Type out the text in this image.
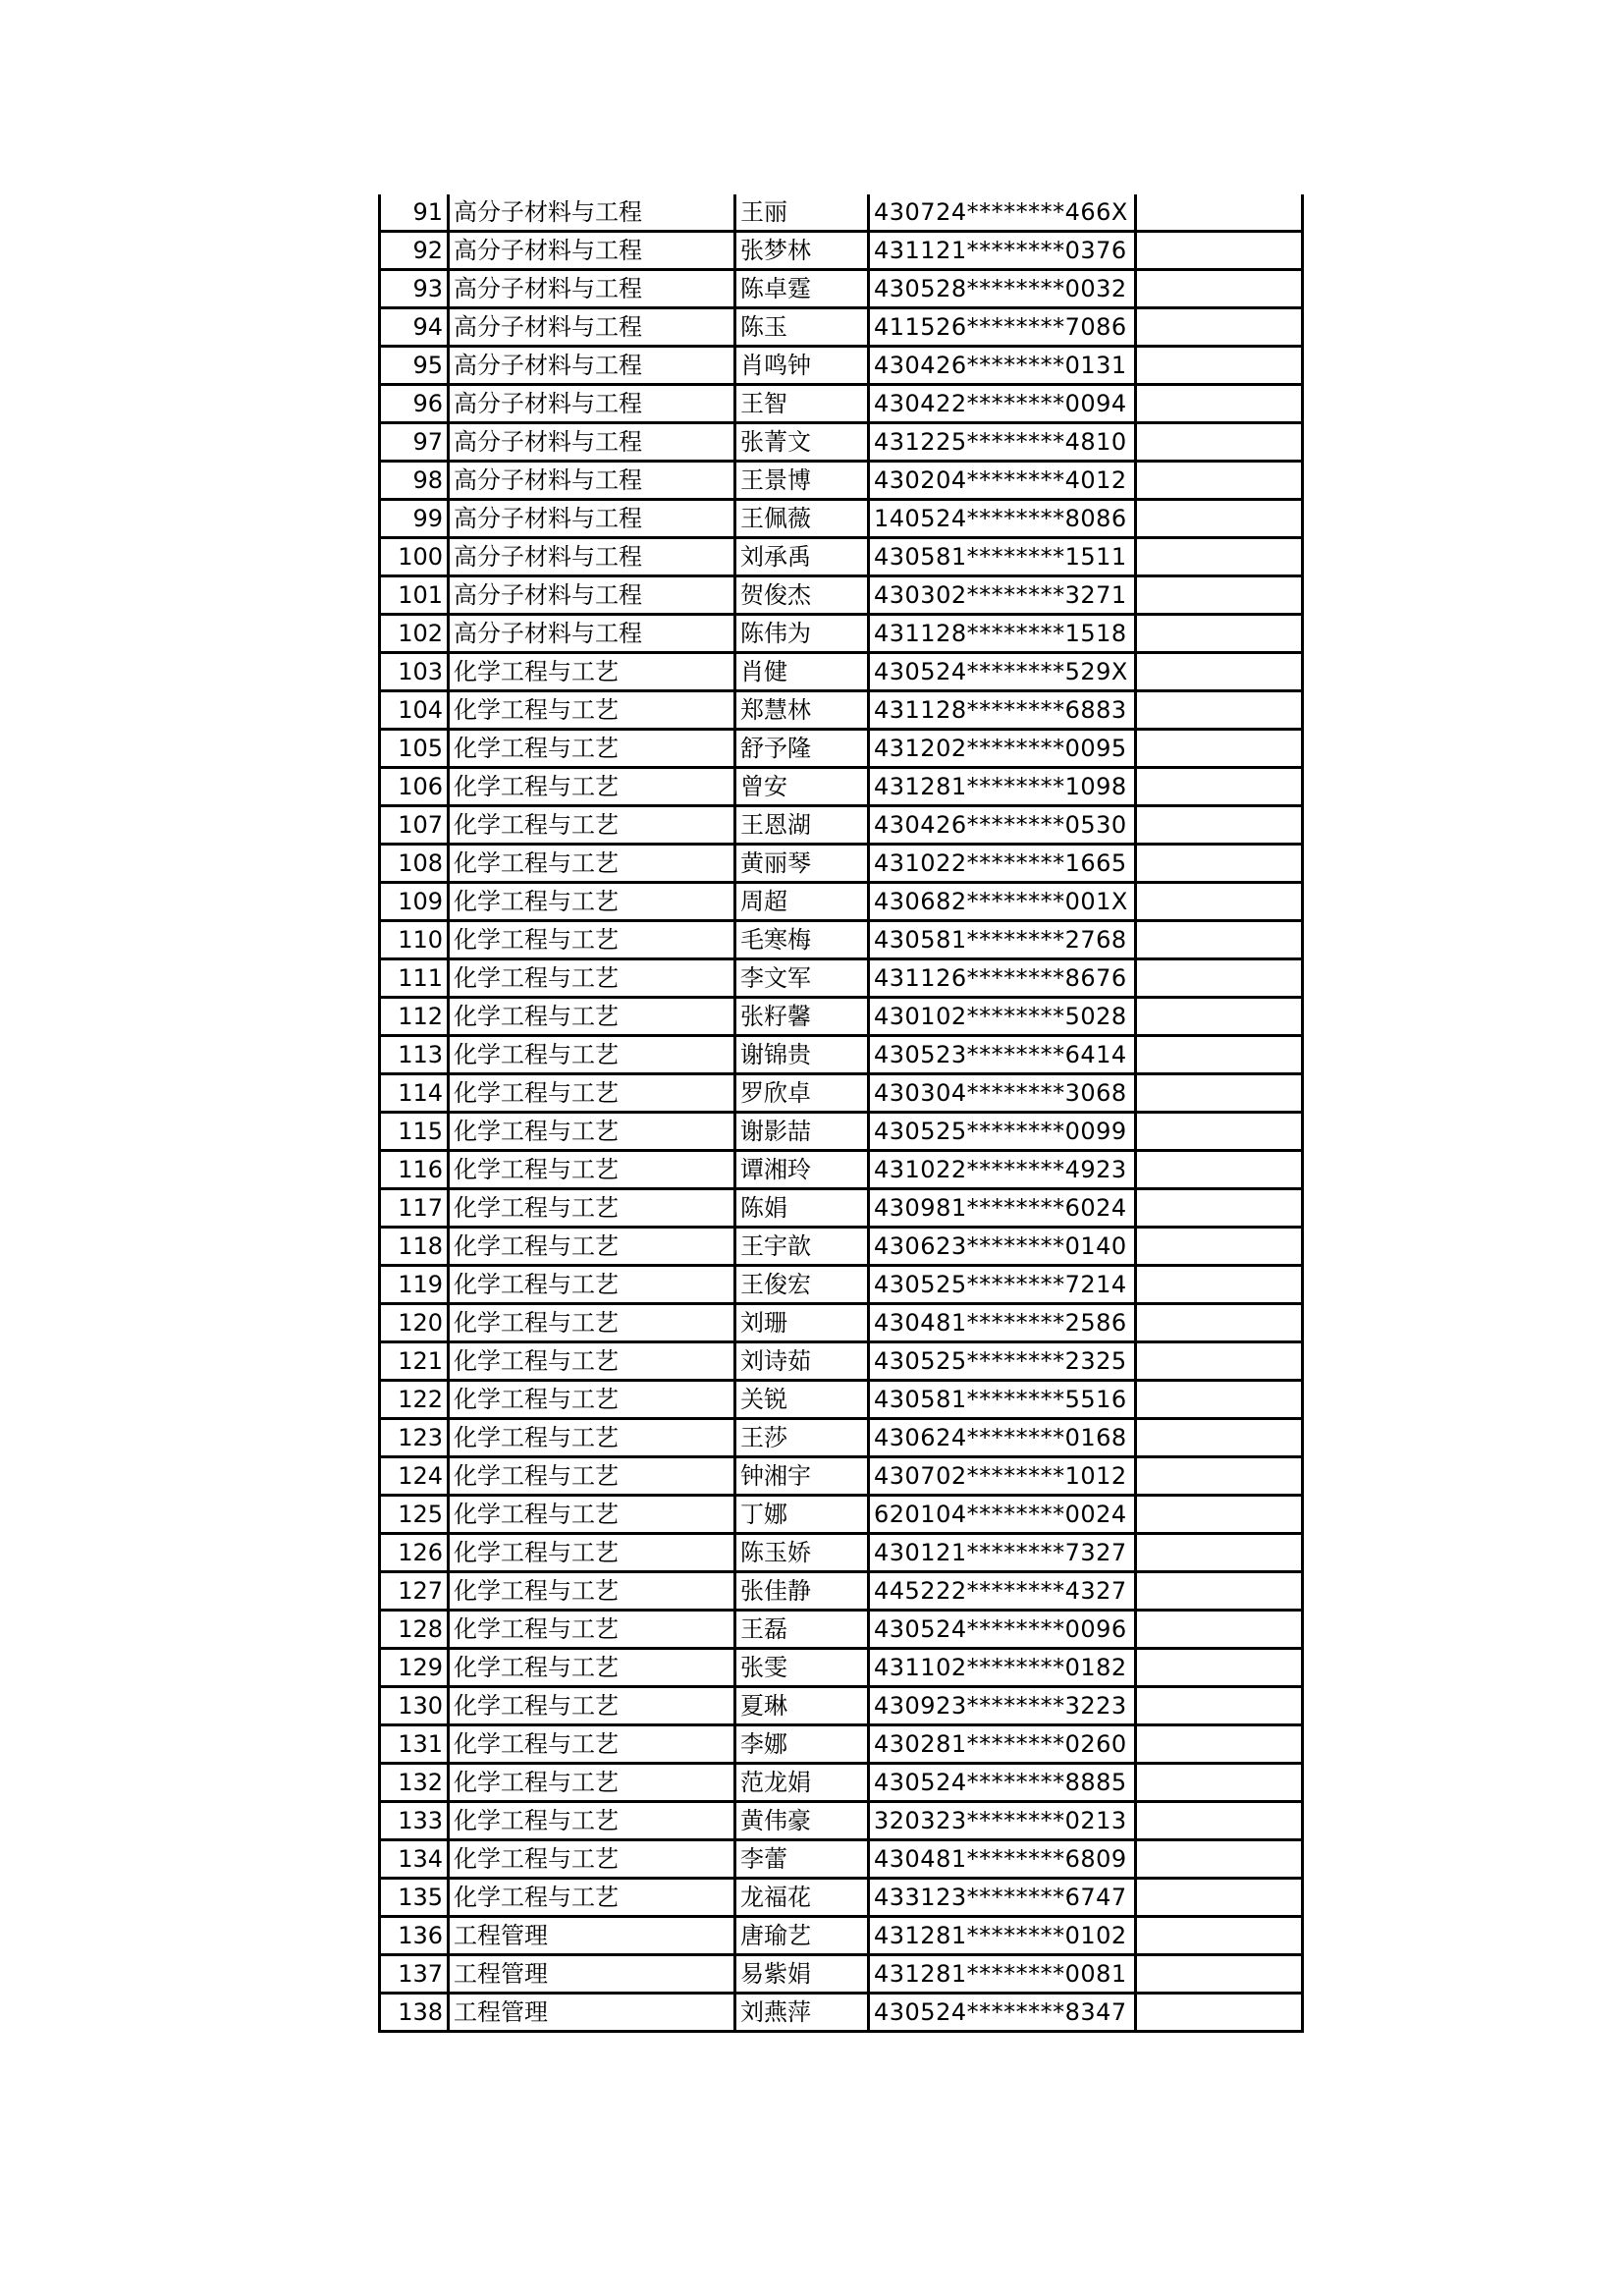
91	高分子材料与工程	王丽	430724********466X	
92	高分子材料与工程	张梦林	431121********0376	
93	高分子材料与工程	陈卓霆	430528********0032	
94	高分子材料与工程	陈玉	411526********7086	
95	高分子材料与工程	肖鸣钟	430426********0131	
96	高分子材料与工程	王智	430422********0094	
97	高分子材料与工程	张菁文	431225********4810	
98	高分子材料与工程	王景博	430204********4012	
99	高分子材料与工程	王佩薇	140524********8086	
100	高分子材料与工程	刘承禹	430581********1511	
101	高分子材料与工程	贺俊杰	430302********3271	
102	高分子材料与工程	陈伟为	431128********1518	
103	化学工程与工艺	肖健	430524********529X	
104	化学工程与工艺	郑慧林	431128********6883	
105	化学工程与工艺	舒予隆	431202********0095	
106	化学工程与工艺	曾安	431281********1098	
107	化学工程与工艺	王恩湖	430426********0530	
108	化学工程与工艺	黄丽琴	431022********1665	
109	化学工程与工艺	周超	430682********001X	
110	化学工程与工艺	毛寒梅	430581********2768	
111	化学工程与工艺	李文军	431126********8676	
112	化学工程与工艺	张籽馨	430102********5028	
113	化学工程与工艺	谢锦贵	430523********6414	
114	化学工程与工艺	罗欣卓	430304********3068	
115	化学工程与工艺	谢影喆	430525********0099	
116	化学工程与工艺	谭湘玲	431022********4923	
117	化学工程与工艺	陈娟	430981********6024	
118	化学工程与工艺	王宇歆	430623********0140	
119	化学工程与工艺	王俊宏	430525********7214	
120	化学工程与工艺	刘珊	430481********2586	
121	化学工程与工艺	刘诗茹	430525********2325	
122	化学工程与工艺	关锐	430581********5516	
123	化学工程与工艺	王莎	430624********0168	
124	化学工程与工艺	钟湘宇	430702********1012	
125	化学工程与工艺	丁娜	620104********0024	
126	化学工程与工艺	陈玉娇	430121********7327	
127	化学工程与工艺	张佳静	445222********4327	
128	化学工程与工艺	王磊	430524********0096	
129	化学工程与工艺	张雯	431102********0182	
130	化学工程与工艺	夏琳	430923********3223	
131	化学工程与工艺	李娜	430281********0260	
132	化学工程与工艺	范龙娟	430524********8885	
133	化学工程与工艺	黄伟豪	320323********0213	
134	化学工程与工艺	李蕾	430481********6809	
135	化学工程与工艺	龙福花	433123********6747	
136	工程管理	唐瑜艺	431281********0102	
137	工程管理	易紫娟	431281********0081	
138	工程管理	刘燕萍	430524********8347	
